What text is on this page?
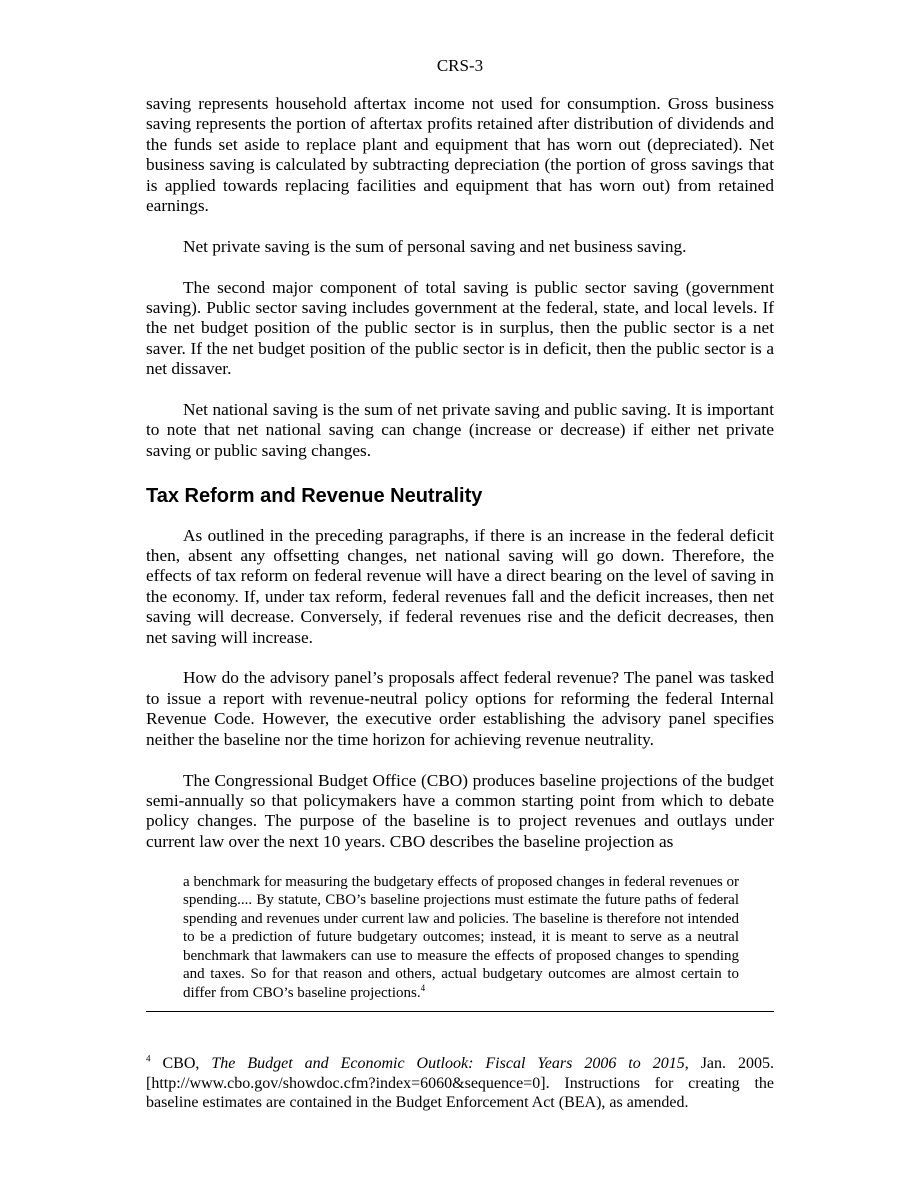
CRS-3

saving represents household aftertax income not used for consumption. Gross business saving represents the portion of aftertax profits retained after distribution of dividends and the funds set aside to replace plant and equipment that has worn out (depreciated). Net business saving is calculated by subtracting depreciation (the portion of gross savings that is applied towards replacing facilities and equipment that has worn out) from retained earnings.

Net private saving is the sum of personal saving and net business saving.

The second major component of total saving is public sector saving (government saving). Public sector saving includes government at the federal, state, and local levels. If the net budget position of the public sector is in surplus, then the public sector is a net saver. If the net budget position of the public sector is in deficit, then the public sector is a net dissaver.

Net national saving is the sum of net private saving and public saving. It is important to note that net national saving can change (increase or decrease) if either net private saving or public saving changes.

Tax Reform and Revenue Neutrality

As outlined in the preceding paragraphs, if there is an increase in the federal deficit then, absent any offsetting changes, net national saving will go down. Therefore, the effects of tax reform on federal revenue will have a direct bearing on the level of saving in the economy. If, under tax reform, federal revenues fall and the deficit increases, then net saving will decrease. Conversely, if federal revenues rise and the deficit decreases, then net saving will increase.

How do the advisory panel’s proposals affect federal revenue? The panel was tasked to issue a report with revenue-neutral policy options for reforming the federal Internal Revenue Code. However, the executive order establishing the advisory panel specifies neither the baseline nor the time horizon for achieving revenue neutrality.

The Congressional Budget Office (CBO) produces baseline projections of the budget semi-annually so that policymakers have a common starting point from which to debate policy changes. The purpose of the baseline is to project revenues and outlays under current law over the next 10 years. CBO describes the baseline projection as

a benchmark for measuring the budgetary effects of proposed changes in federal revenues or spending.... By statute, CBO’s baseline projections must estimate the future paths of federal spending and revenues under current law and policies. The baseline is therefore not intended to be a prediction of future budgetary outcomes; instead, it is meant to serve as a neutral benchmark that lawmakers can use to measure the effects of proposed changes to spending and taxes. So for that reason and others, actual budgetary outcomes are almost certain to differ from CBO’s baseline projections.$^4$
$^4$ CBO, The Budget and Economic Outlook: Fiscal Years 2006 to 2015, Jan. 2005. [http://www.cbo.gov/showdoc.cfm?index=6060&sequence=0]. Instructions for creating the baseline estimates are contained in the Budget Enforcement Act (BEA), as amended.
